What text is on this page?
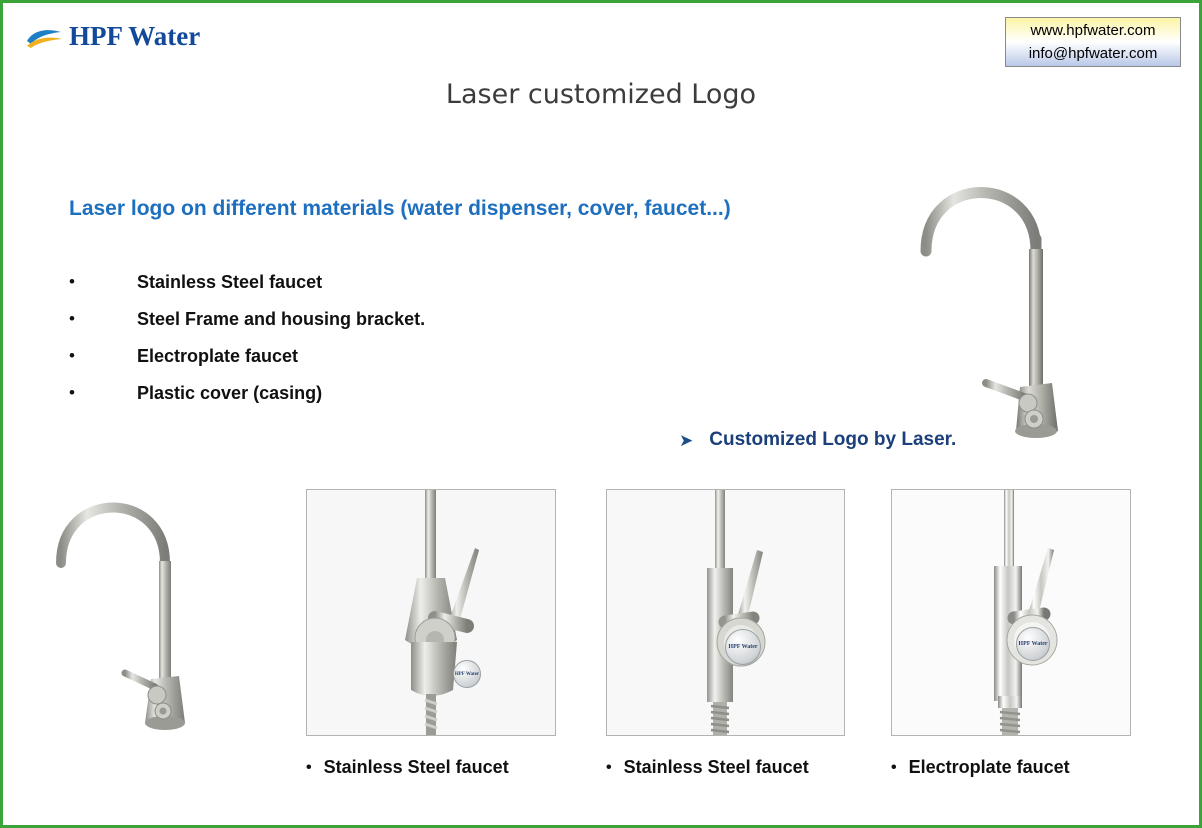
HPF Water	www.hpfwater.com
info@hpfwater.com
Laser customized Logo
Laser logo on different materials (water dispenser, cover, faucet...)
•	Stainless Steel faucet
•	Steel Frame and housing bracket.
•	Electroplate faucet
•	Plastic cover (casing)
➤ Customized Logo by Laser.
HPF Water
• Stainless Steel faucet
HPF Water
• Stainless Steel faucet
HPF Water
• Electroplate faucet
